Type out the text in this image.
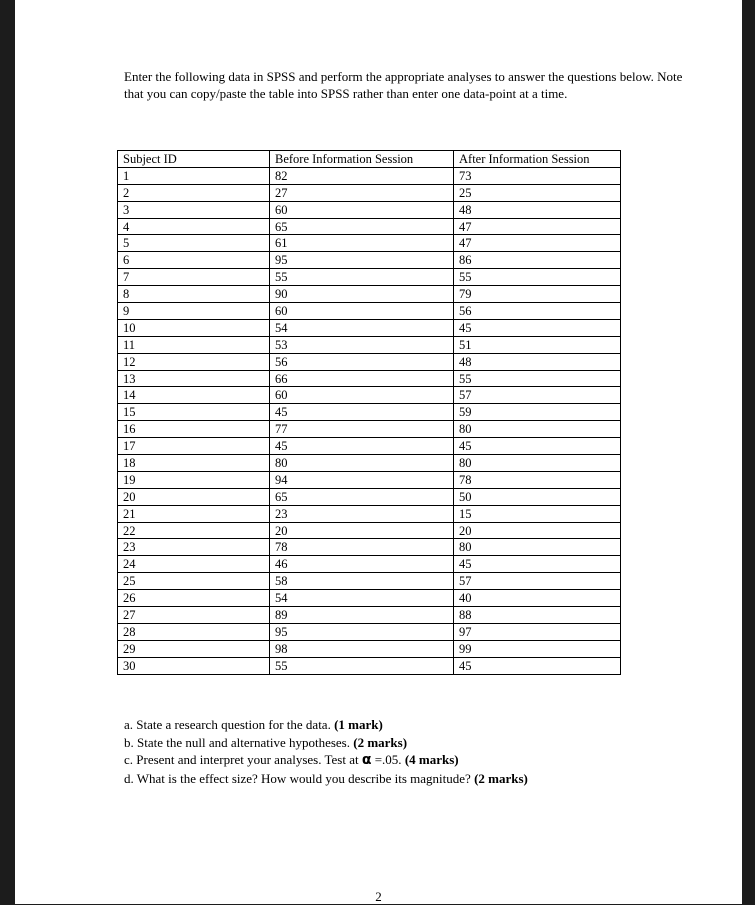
Enter the following data in SPSS and perform the appropriate analyses to answer the questions below. Note that you can copy/paste the table into SPSS rather than enter one data-point at a time.
Subject ID	Before Information Session	After Information Session
1	82	73
2	27	25
3	60	48
4	65	47
5	61	47
6	95	86
7	55	55
8	90	79
9	60	56
10	54	45
11	53	51
12	56	48
13	66	55
14	60	57
15	45	59
16	77	80
17	45	45
18	80	80
19	94	78
20	65	50
21	23	15
22	20	20
23	78	80
24	46	45
25	58	57
26	54	40
27	89	88
28	95	97
29	98	99
30	55	45
a. State a research question for the data. (1 mark)
b. State the null and alternative hypotheses. (2 marks)
c. Present and interpret your analyses. Test at α =.05. (4 marks)
d. What is the effect size? How would you describe its magnitude? (2 marks)
2
